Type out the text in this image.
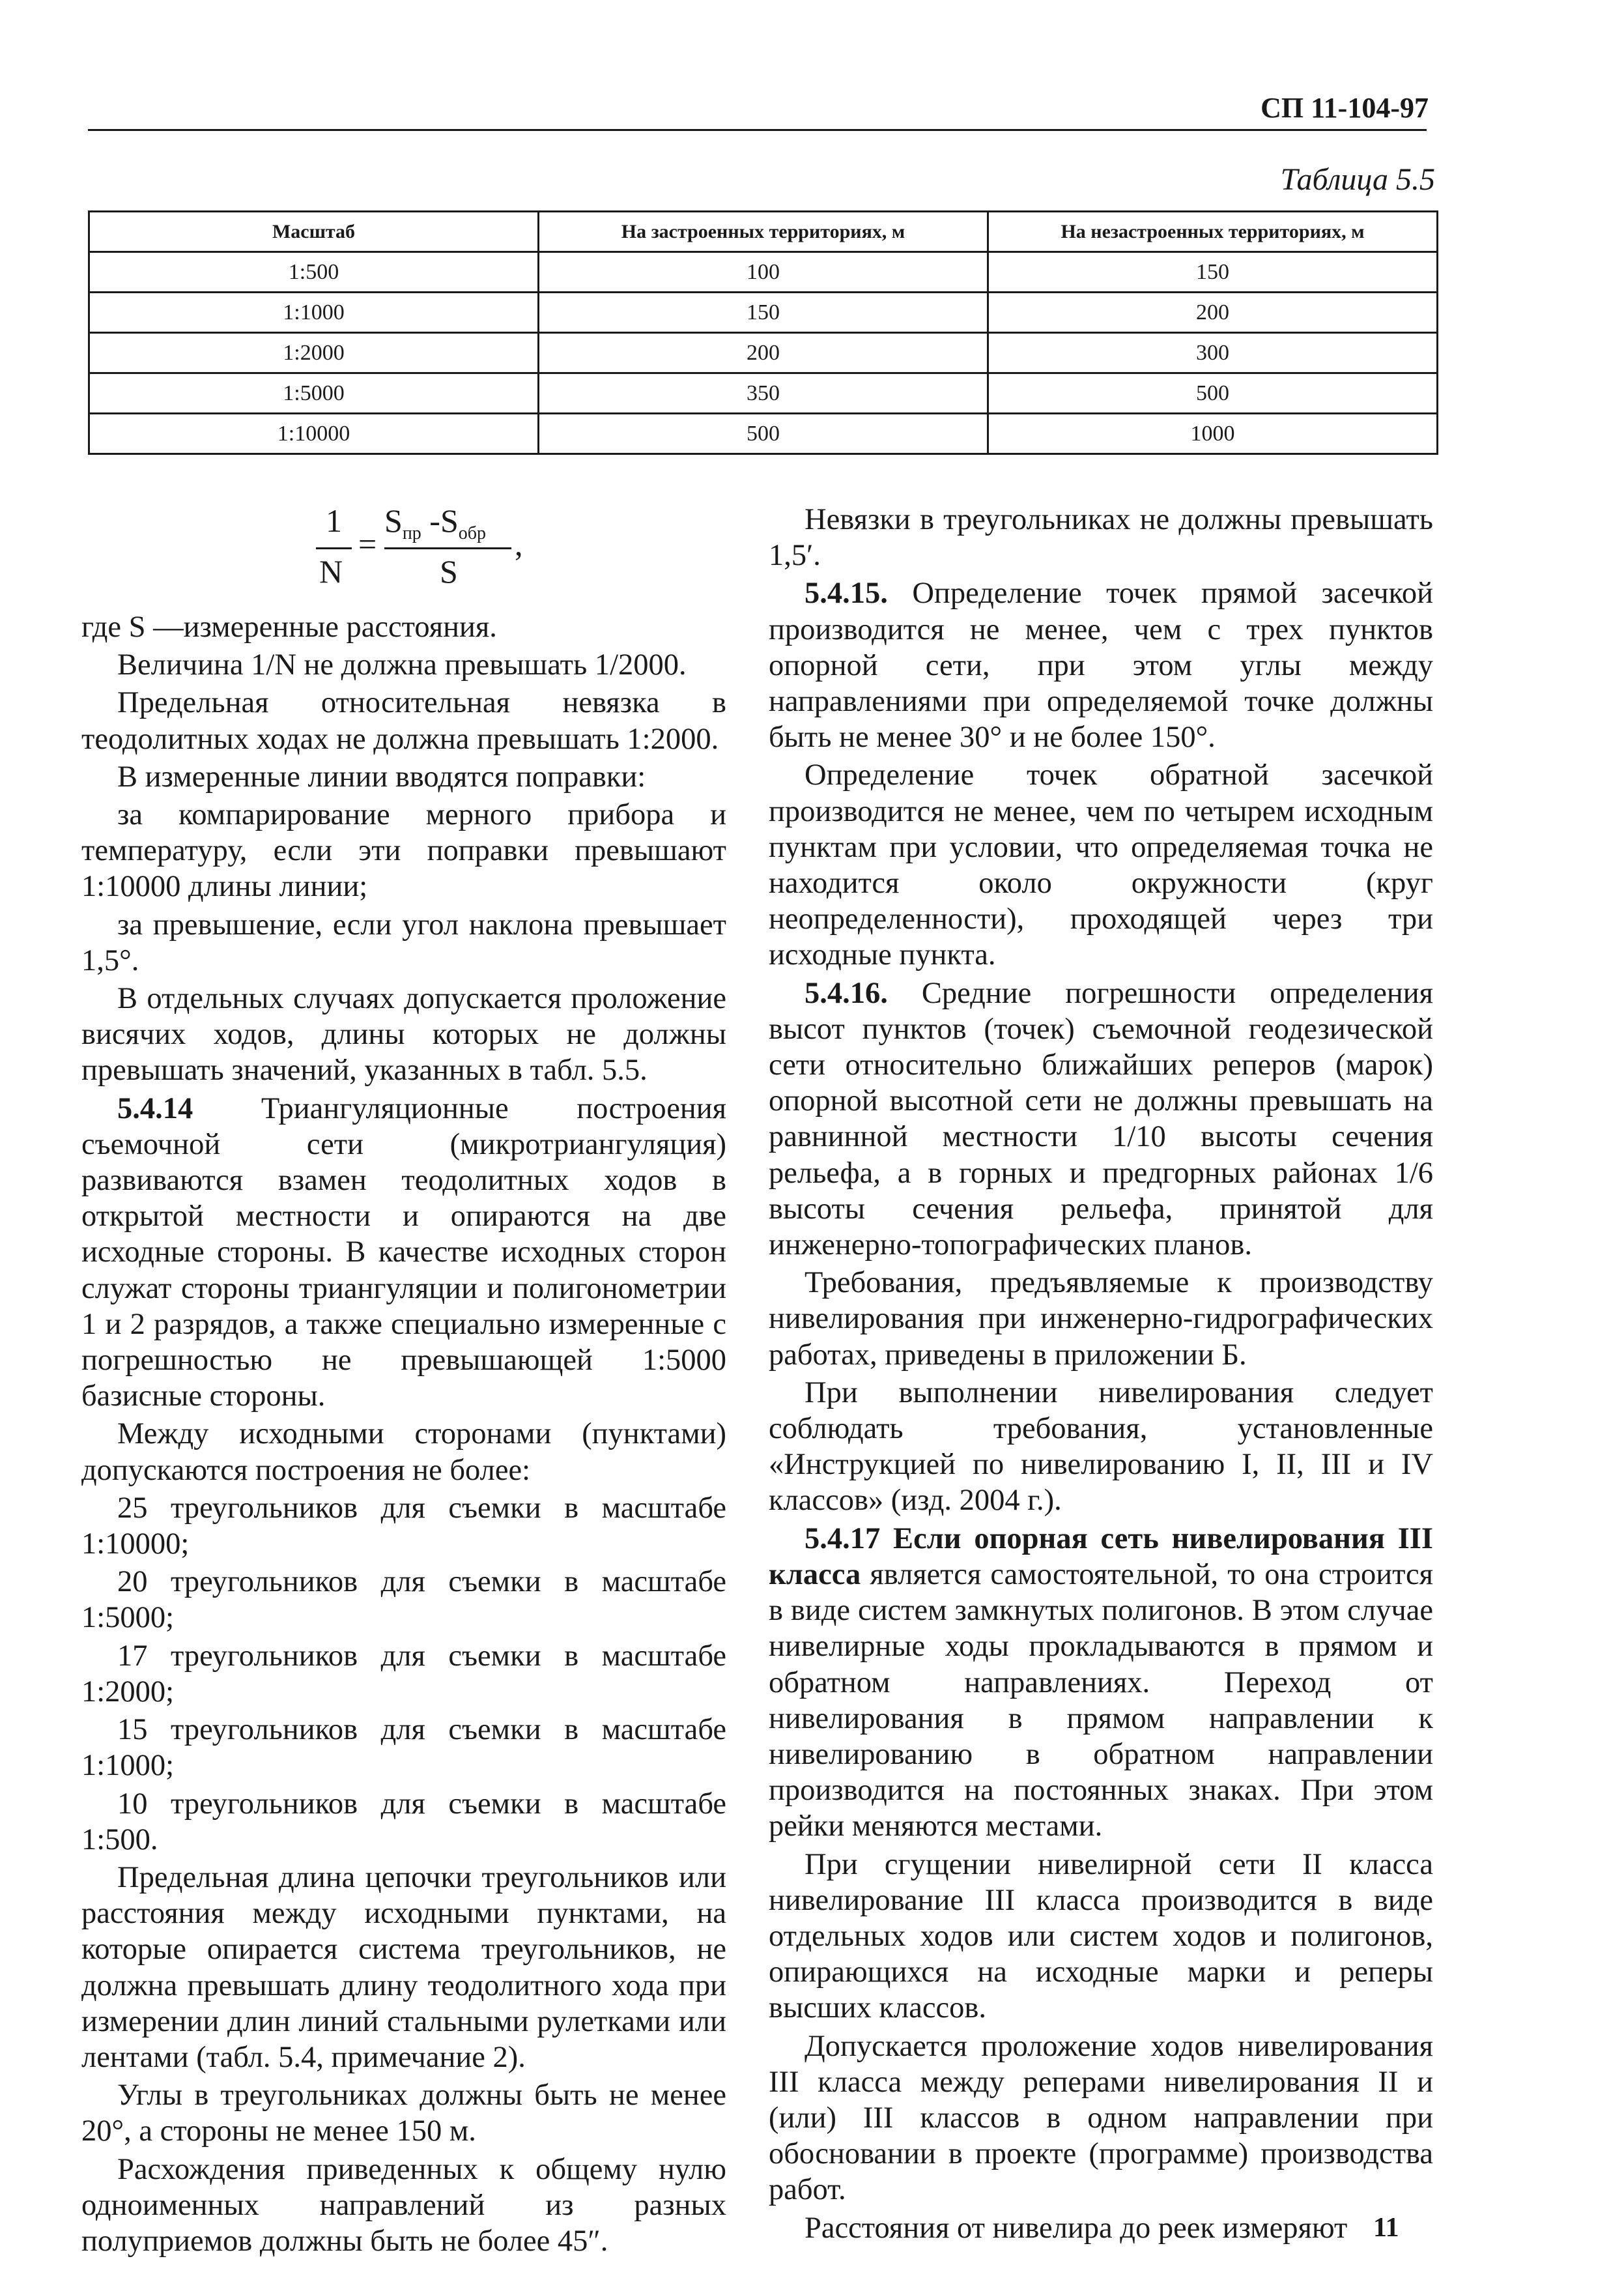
СП 11-104-97
Таблица 5.5
Масштаб	На застроенных территориях, м	На незастроенных территориях, м
1:500	100	150
1:1000	150	200
1:2000	200	300
1:5000	350	500
1:10000	500	1000
1
N
=
$S_{пр}$ $-S_{обр}$
S
,

где S —измеренные расстояния.

Величина 1/N не должна превышать 1/2000.

Предельная относительная невязка в теодолитных ходах не должна превышать 1:2000.

В измеренные линии вводятся поправки:

за компарирование мерного прибора и температуру, если эти поправки превышают 1:10000 длины линии;

за превышение, если угол наклона превышает 1,5°.

В отдельных случаях допускается проложение висячих ходов, длины которых не должны превышать значений, указанных в табл. 5.5.

5.4.14 Триангуляционные построения съемочной сети (микротриангуляция) развиваются взамен теодолитных ходов в открытой местности и опираются на две исходные стороны. В качестве исходных сторон служат стороны триангуляции и полигонометрии 1 и 2 разрядов, а также специально измеренные с погрешностью не превышающей 1:5000 базисные стороны.

Между исходными сторонами (пунктами) допускаются построения не более:

25 треугольников для съемки в масштабе 1:10000;

20 треугольников для съемки в масштабе 1:5000;

17 треугольников для съемки в масштабе 1:2000;

15 треугольников для съемки в масштабе 1:1000;

10 треугольников для съемки в масштабе 1:500.

Предельная длина цепочки треугольников или расстояния между исходными пунктами, на которые опирается система треугольников, не должна превышать длину теодолитного хода при измерении длин линий стальными рулетками или лентами (табл. 5.4, примечание 2).

Углы в треугольниках должны быть не менее 20°, а стороны не менее 150 м.

Расхождения приведенных к общему нулю одноименных направлений из разных полуприемов должны быть не более 45″.

Невязки в треугольниках не должны превышать 1,5′.

5.4.15. Определение точек прямой засечкой производится не менее, чем с трех пунктов опорной сети, при этом углы между направлениями при определяемой точке должны быть не менее 30° и не более 150°.

Определение точек обратной засечкой производится не менее, чем по четырем исходным пунктам при условии, что определяемая точка не находится около окружности (круг неопределенности), проходящей через три исходные пункта.

5.4.16. Средние погрешности определения высот пунктов (точек) съемочной геодезической сети относительно ближайших реперов (марок) опорной высотной сети не должны превышать на равнинной местности 1/10 высоты сечения рельефа, а в горных и предгорных районах 1/6 высоты сечения рельефа, принятой для инженерно-топографических планов.

Требования, предъявляемые к производству нивелирования при инженерно-гидрографических работах, приведены в приложении Б.

При выполнении нивелирования следует соблюдать требования, установленные «Инструкцией по нивелированию I, II, III и IV классов» (изд. 2004 г.).

5.4.17 Если опорная сеть нивелирования III класса является самостоятельной, то она строится в виде систем замкнутых полигонов. В этом случае нивелирные ходы прокладываются в прямом и обратном направлениях. Переход от нивелирования в прямом направлении к нивелированию в обратном направлении производится на постоянных знаках. При этом рейки меняются местами.

При сгущении нивелирной сети II класса нивелирование III класса производится в виде отдельных ходов или систем ходов и полигонов, опирающихся на исходные марки и реперы высших классов.

Допускается проложение ходов нивелирования III класса между реперами нивелирования II и (или) III классов в одном направлении при обосновании в проекте (программе) производства работ.

Расстояния от нивелира до реек измеряют 11
